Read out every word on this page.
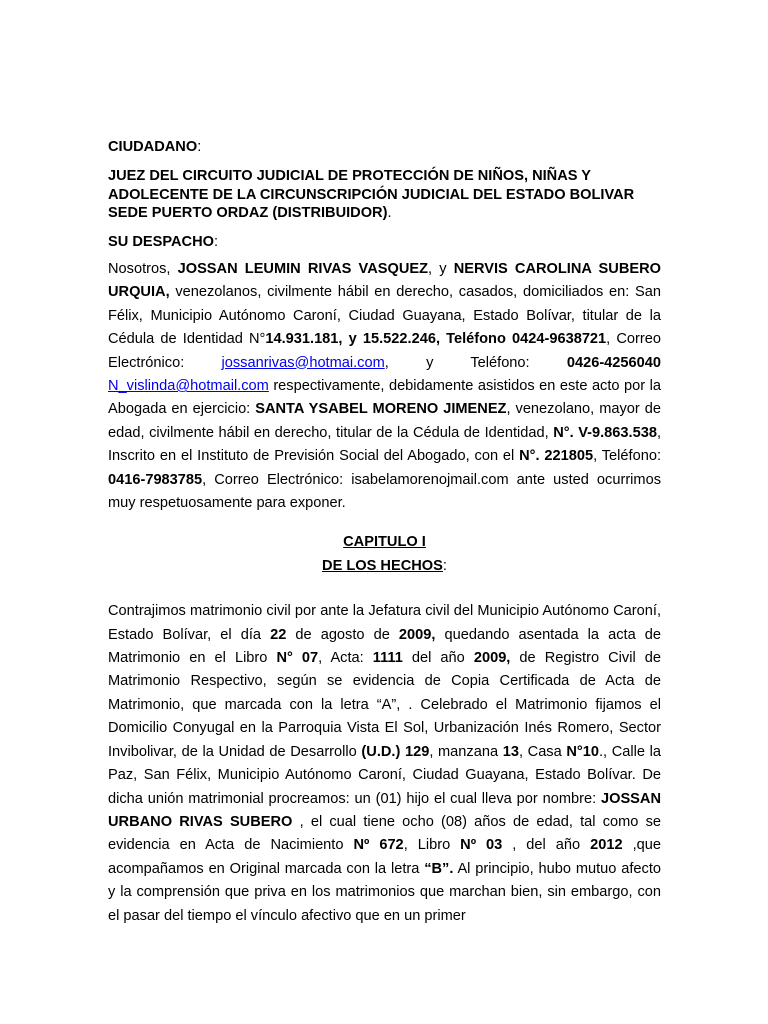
CIUDADANO:

JUEZ DEL CIRCUITO JUDICIAL DE PROTECCIÓN DE NIÑOS, NIÑAS Y ADOLECENTE DE LA CIRCUNSCRIPCIÓN JUDICIAL DEL ESTADO BOLIVAR SEDE PUERTO ORDAZ (DISTRIBUIDOR).

SU DESPACHO:

Nosotros, JOSSAN LEUMIN RIVAS VASQUEZ, y NERVIS CAROLINA SUBERO URQUIA, venezolanos, civilmente hábil en derecho, casados, domiciliados en: San Félix, Municipio Autónomo Caroní, Ciudad Guayana, Estado Bolívar, titular de la Cédula de Identidad N°14.931.181, y 15.522.246, Teléfono 0424-9638721, Correo Electrónico: jossanrivas@hotmai.com, y Teléfono: 0426-4256040 N_vislinda@hotmail.com respectivamente, debidamente asistidos en este acto por la Abogada en ejercicio: SANTA YSABEL MORENO JIMENEZ, venezolano, mayor de edad, civilmente hábil en derecho, titular de la Cédula de Identidad, N°. V-9.863.538, Inscrito en el Instituto de Previsión Social del Abogado, con el N°. 221805, Teléfono: 0416-7983785, Correo Electrónico: isabelamorenojmail.com ante usted ocurrimos muy respetuosamente para exponer.

CAPITULO I

DE LOS HECHOS:

Contrajimos matrimonio civil por ante la Jefatura civil del Municipio Autónomo Caroní, Estado Bolívar, el día 22 de agosto de 2009, quedando asentada la acta de Matrimonio en el Libro N° 07, Acta: 1111 del año 2009, de Registro Civil de Matrimonio Respectivo, según se evidencia de Copia Certificada de Acta de Matrimonio, que marcada con la letra “A”, . Celebrado el Matrimonio fijamos el Domicilio Conyugal en la Parroquia Vista El Sol, Urbanización Inés Romero, Sector Invibolivar, de la Unidad de Desarrollo (U.D.) 129, manzana 13, Casa N°10., Calle la Paz, San Félix, Municipio Autónomo Caroní, Ciudad Guayana, Estado Bolívar. De dicha unión matrimonial procreamos: un (01) hijo el cual lleva por nombre: JOSSAN URBANO RIVAS SUBERO , el cual tiene ocho (08) años de edad, tal como se evidencia en Acta de Nacimiento Nº 672, Libro Nº 03 , del año 2012 ,que acompañamos en Original marcada con la letra “B”. Al principio, hubo mutuo afecto y la comprensión que priva en los matrimonios que marchan bien, sin embargo, con el pasar del tiempo el vínculo afectivo que en un primer
